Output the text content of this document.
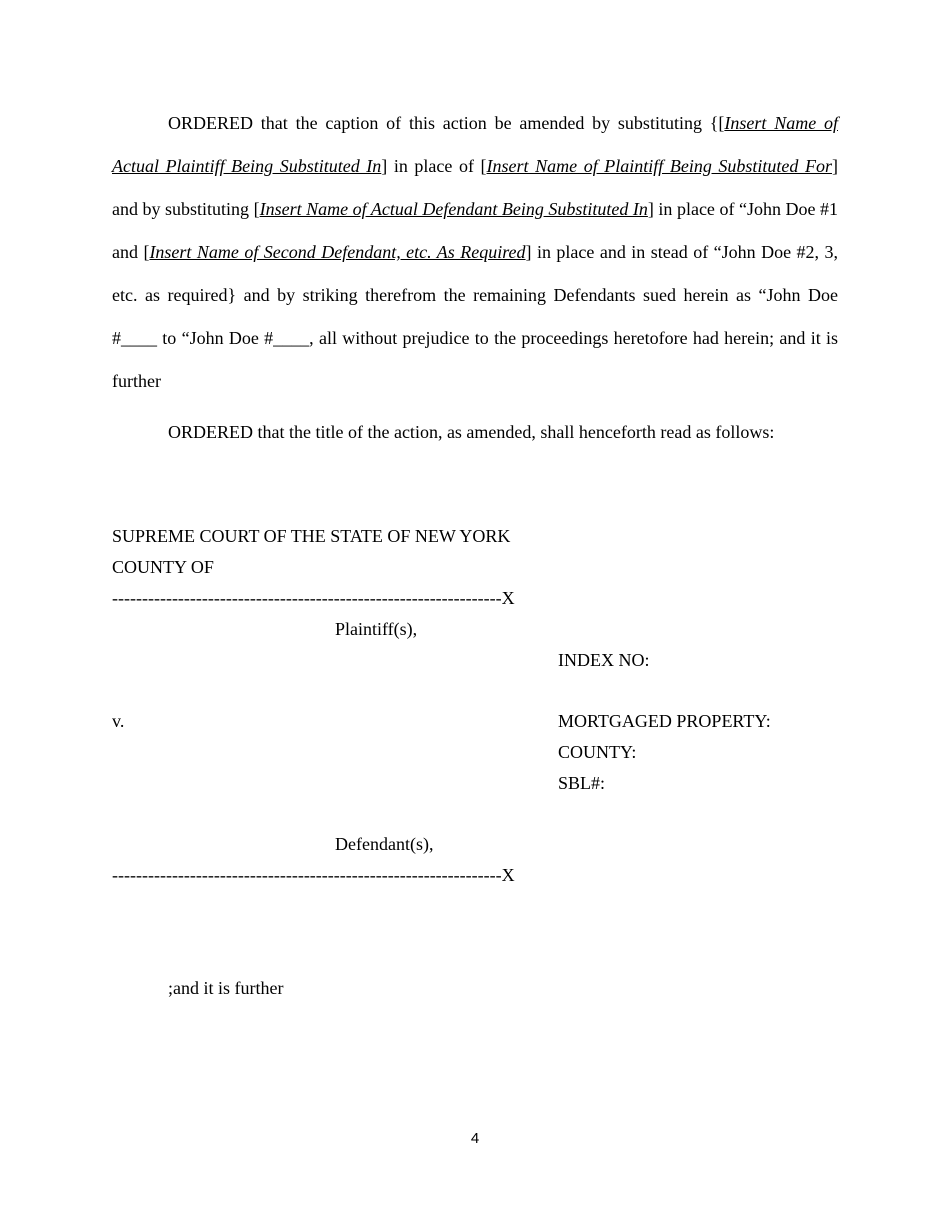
ORDERED that the caption of this action be amended by substituting {[Insert Name of Actual Plaintiff Being Substituted In] in place of [Insert Name of Plaintiff Being Substituted For] and by substituting [Insert Name of Actual Defendant Being Substituted In] in place of “John Doe #1 and [Insert Name of Second Defendant, etc. As Required] in place and in stead of “John Doe #2, 3, etc. as required} and by striking therefrom the remaining Defendants sued herein as “John Doe #____ to “John Doe #____, all without prejudice to the proceedings heretofore had herein; and it is further

ORDERED that the title of the action, as amended, shall henceforth read as follows:

SUPREME COURT OF THE STATE OF NEW YORK
COUNTY OF
-----------------------------------------------------------------X
Plaintiff(s),
INDEX NO:
v.	MORTGAGED PROPERTY:
COUNTY:
SBL#:
Defendant(s),
-----------------------------------------------------------------X
;and it is further
4
